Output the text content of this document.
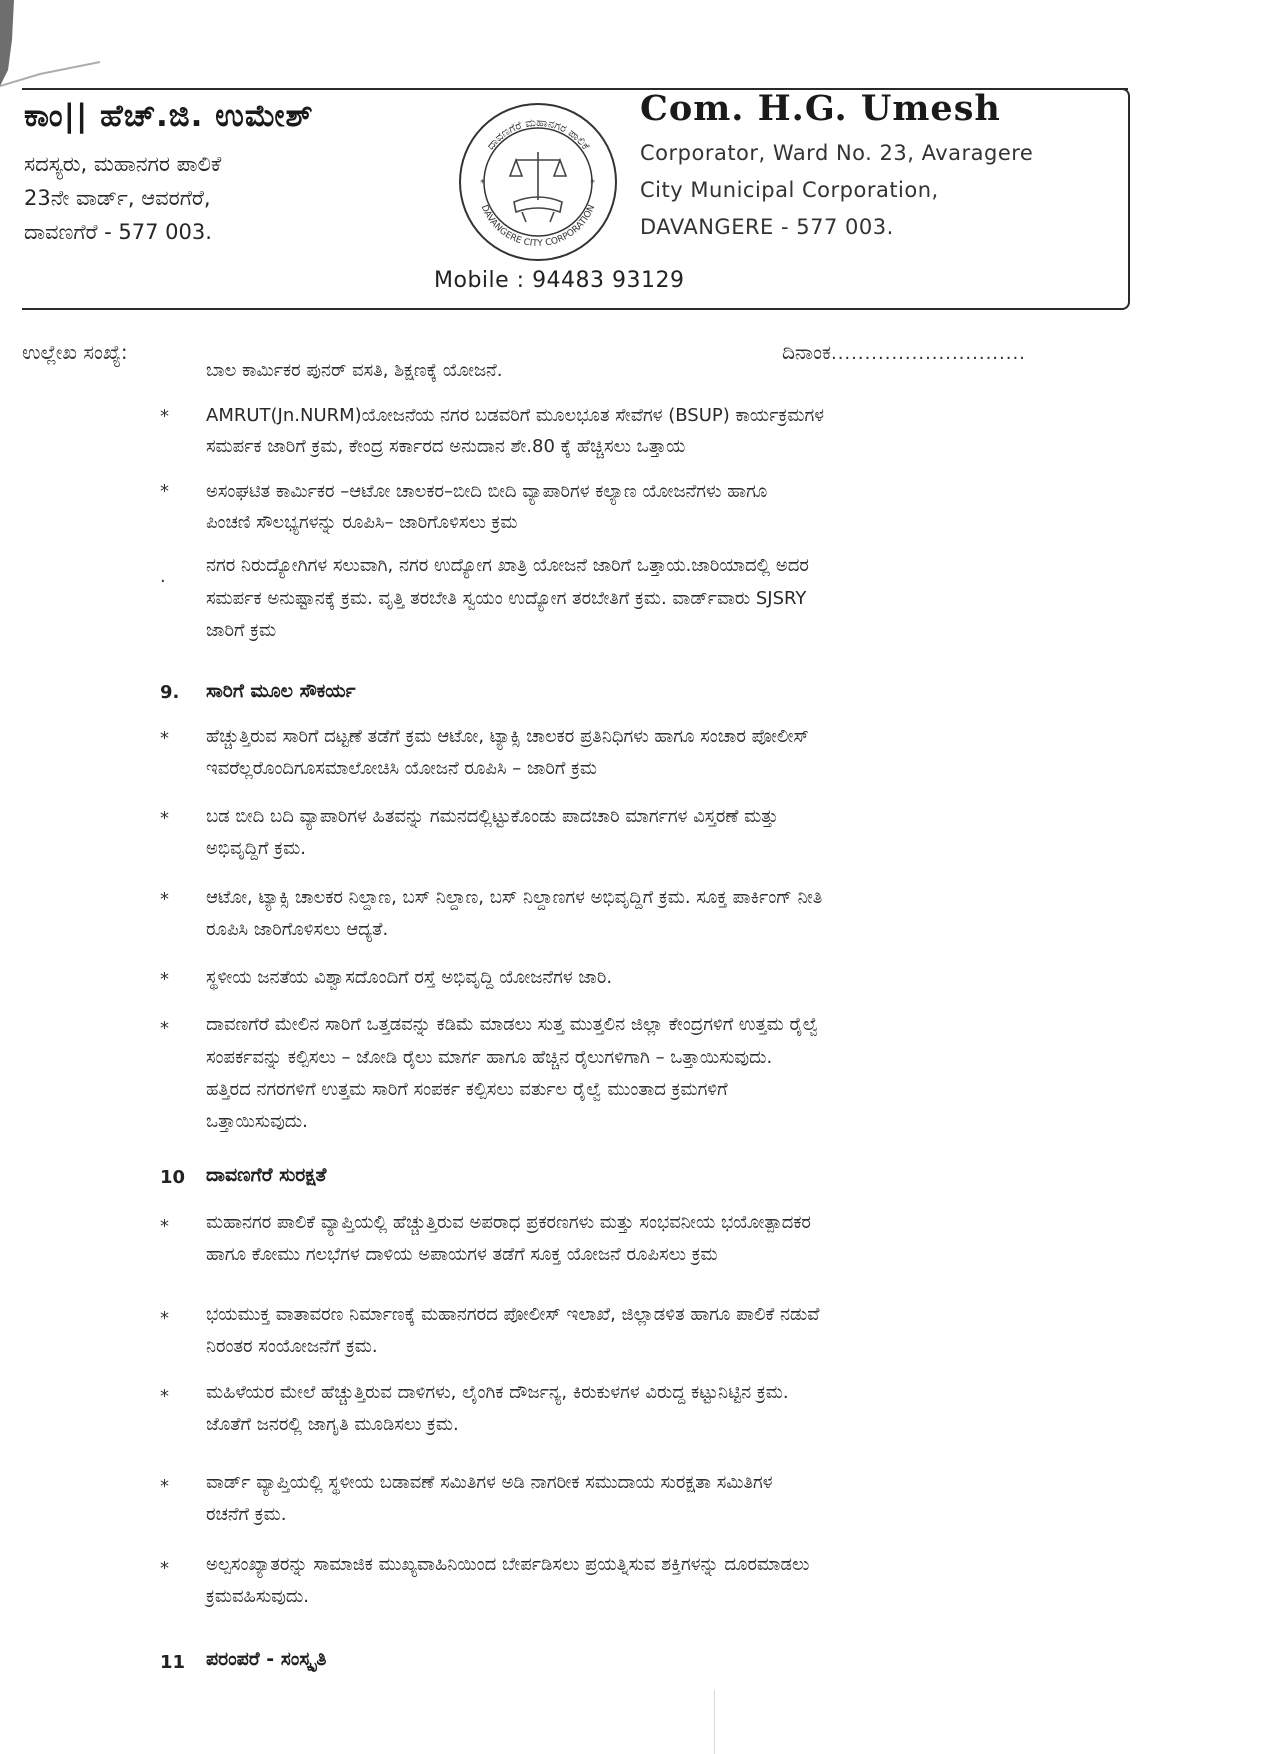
ಕಾಂ|| ಹೆಚ್.ಜಿ. ಉಮೇಶ್
ಸದಸ್ಯರು, ಮಹಾನಗರ ಪಾಲಿಕೆ
23ನೇ ವಾರ್ಡ್, ಆವರಗೆರೆ,
ದಾವಣಗೆರೆ - 577 003.
ದಾವಣಗೆರೆ ಮಹಾನಗರ ಪಾಲಿಕೆ
DAVANGERE CITY CORPORATION
*	*
Com. H.G. Umesh
Corporator, Ward No. 23, Avaragere
City Municipal Corporation,
DAVANGERE - 577 003.
Mobile : 94483 93129
ಉಲ್ಲೇಖ ಸಂಖ್ಯೆ:	ದಿನಾಂಕ.............................
ಬಾಲ ಕಾರ್ಮಿಕರ ಪುನರ್ ವಸತಿ, ಶಿಕ್ಷಣಕ್ಕೆ ಯೋಜನೆ.
* AMRUT(Jn.NURM)ಯೋಜನೆಯ ನಗರ ಬಡವರಿಗೆ ಮೂಲಭೂತ ಸೇವೆಗಳ (BSUP) ಕಾರ್ಯಕ್ರಮಗಳ
ಸಮರ್ಪಕ ಜಾರಿಗೆ ಕ್ರಮ, ಕೇಂದ್ರ ಸರ್ಕಾರದ ಅನುದಾನ ಶೇ.80 ಕ್ಕೆ ಹೆಚ್ಚಿಸಲು ಒತ್ತಾಯ
* ಅಸಂಘಟಿತ ಕಾರ್ಮಿಕರ –ಆಟೋ ಚಾಲಕರ–ಬೀದಿ ಬೀದಿ ವ್ಯಾಪಾರಿಗಳ ಕಲ್ಯಾಣ ಯೋಜನೆಗಳು ಹಾಗೂ
ಪಿಂಚಣಿ ಸೌಲಭ್ಯಗಳನ್ನು ರೂಪಿಸಿ– ಜಾರಿಗೊಳಿಸಲು ಕ್ರಮ
.
ನಗರ ನಿರುದ್ಯೋಗಿಗಳ ಸಲುವಾಗಿ, ನಗರ ಉದ್ಯೋಗ ಖಾತ್ರಿ ಯೋಜನೆ ಜಾರಿಗೆ ಒತ್ತಾಯ.ಜಾರಿಯಾದಲ್ಲಿ ಅದರ
ಸಮರ್ಪಕ ಅನುಷ್ಟಾನಕ್ಕೆ ಕ್ರಮ. ವೃತ್ತಿ ತರಬೇತಿ ಸ್ವಯಂ ಉದ್ಯೋಗ ತರಬೇತಿಗೆ ಕ್ರಮ. ವಾರ್ಡ್‌ವಾರು SJSRY
ಜಾರಿಗೆ ಕ್ರಮ
9. ಸಾರಿಗೆ ಮೂಲ ಸೌಕರ್ಯ
* ಹೆಚ್ಚುತ್ತಿರುವ ಸಾರಿಗೆ ದಟ್ಟಣೆ ತಡೆಗೆ ಕ್ರಮ ಆಟೋ, ಟ್ಯಾಕ್ಸಿ ಚಾಲಕರ ಪ್ರತಿನಿಧಿಗಳು ಹಾಗೂ ಸಂಚಾರ ಪೋಲೀಸ್
ಇವರೆಲ್ಲರೊಂದಿಗೂಸಮಾಲೋಚಿಸಿ ಯೋಜನೆ ರೂಪಿಸಿ – ಜಾರಿಗೆ ಕ್ರಮ
* ಬಡ ಬೀದಿ ಬದಿ ವ್ಯಾಪಾರಿಗಳ ಹಿತವನ್ನು ಗಮನದಲ್ಲಿಟ್ಟುಕೊಂಡು ಪಾದಚಾರಿ ಮಾರ್ಗಗಳ ವಿಸ್ತರಣೆ ಮತ್ತು
ಅಭಿವೃದ್ದಿಗೆ ಕ್ರಮ.
* ಆಟೋ, ಟ್ಯಾಕ್ಸಿ ಚಾಲಕರ ನಿಲ್ದಾಣ, ಬಸ್ ನಿಲ್ದಾಣ, ಬಸ್ ನಿಲ್ದಾಣಗಳ ಅಭಿವೃದ್ದಿಗೆ ಕ್ರಮ. ಸೂಕ್ತ ಪಾರ್ಕಿಂಗ್ ನೀತಿ
ರೂಪಿಸಿ ಜಾರಿಗೊಳಿಸಲು ಆದ್ಯತೆ.
* ಸ್ಥಳೀಯ ಜನತೆಯ ವಿಶ್ವಾಸದೊಂದಿಗೆ ರಸ್ತೆ ಅಭಿವೃದ್ದಿ ಯೋಜನೆಗಳ ಜಾರಿ.
* ದಾವಣಗೆರೆ ಮೇಲಿನ ಸಾರಿಗೆ ಒತ್ತಡವನ್ನು ಕಡಿಮೆ ಮಾಡಲು ಸುತ್ತ ಮುತ್ತಲಿನ ಜಿಲ್ಲಾ ಕೇಂದ್ರಗಳಿಗೆ ಉತ್ತಮ ರೈಲ್ವೆ
ಸಂಪರ್ಕವನ್ನು ಕಲ್ಪಿಸಲು – ಜೋಡಿ ರೈಲು ಮಾರ್ಗ ಹಾಗೂ ಹೆಚ್ಚಿನ ರೈಲುಗಳಿಗಾಗಿ – ಒತ್ತಾಯಿಸುವುದು.
ಹತ್ತಿರದ ನಗರಗಳಿಗೆ ಉತ್ತಮ ಸಾರಿಗೆ ಸಂಪರ್ಕ ಕಲ್ಪಿಸಲು ವರ್ತುಲ ರೈಲ್ವೆ ಮುಂತಾದ ಕ್ರಮಗಳಿಗೆ
ಒತ್ತಾಯಿಸುವುದು.
10 ದಾವಣಗೆರೆ ಸುರಕ್ಷತೆ
* ಮಹಾನಗರ ಪಾಲಿಕೆ ವ್ಯಾಪ್ತಿಯಲ್ಲಿ ಹೆಚ್ಚುತ್ತಿರುವ ಅಪರಾಧ ಪ್ರಕರಣಗಳು ಮತ್ತು ಸಂಭವನೀಯ ಭಯೋತ್ಪಾದಕರ
ಹಾಗೂ ಕೋಮು ಗಲಭೆಗಳ ದಾಳಿಯ ಅಪಾಯಗಳ ತಡೆಗೆ ಸೂಕ್ತ ಯೋಜನೆ ರೂಪಿಸಲು ಕ್ರಮ
* ಭಯಮುಕ್ತ ವಾತಾವರಣ ನಿರ್ಮಾಣಕ್ಕೆ ಮಹಾನಗರದ ಪೋಲೀಸ್ ಇಲಾಖೆ, ಜಿಲ್ಲಾಡಳಿತ ಹಾಗೂ ಪಾಲಿಕೆ ನಡುವೆ
ನಿರಂತರ ಸಂಯೋಜನೆಗೆ ಕ್ರಮ.
* ಮಹಿಳೆಯರ ಮೇಲೆ ಹೆಚ್ಚುತ್ತಿರುವ ದಾಳಿಗಳು, ಲೈಂಗಿಕ ದೌರ್ಜನ್ಯ, ಕಿರುಕುಳಗಳ ವಿರುದ್ದ ಕಟ್ಟುನಿಟ್ಟಿನ ಕ್ರಮ.
ಜೊತೆಗೆ ಜನರಲ್ಲಿ ಜಾಗೃತಿ ಮೂಡಿಸಲು ಕ್ರಮ.
* ವಾರ್ಡ್ ವ್ಯಾಪ್ತಿಯಲ್ಲಿ ಸ್ಥಳೀಯ ಬಡಾವಣೆ ಸಮಿತಿಗಳ ಅಡಿ ನಾಗರೀಕ ಸಮುದಾಯ ಸುರಕ್ಷತಾ ಸಮಿತಿಗಳ
ರಚನೆಗೆ ಕ್ರಮ.
* ಅಲ್ಪಸಂಖ್ಯಾತರನ್ನು ಸಾಮಾಜಿಕ ಮುಖ್ಯವಾಹಿನಿಯಿಂದ ಬೇರ್ಪಡಿಸಲು ಪ್ರಯತ್ನಿಸುವ ಶಕ್ತಿಗಳನ್ನು ದೂರಮಾಡಲು
ಕ್ರಮವಹಿಸುವುದು.
11 ಪರಂಪರೆ - ಸಂಸ್ಕೃತಿ
